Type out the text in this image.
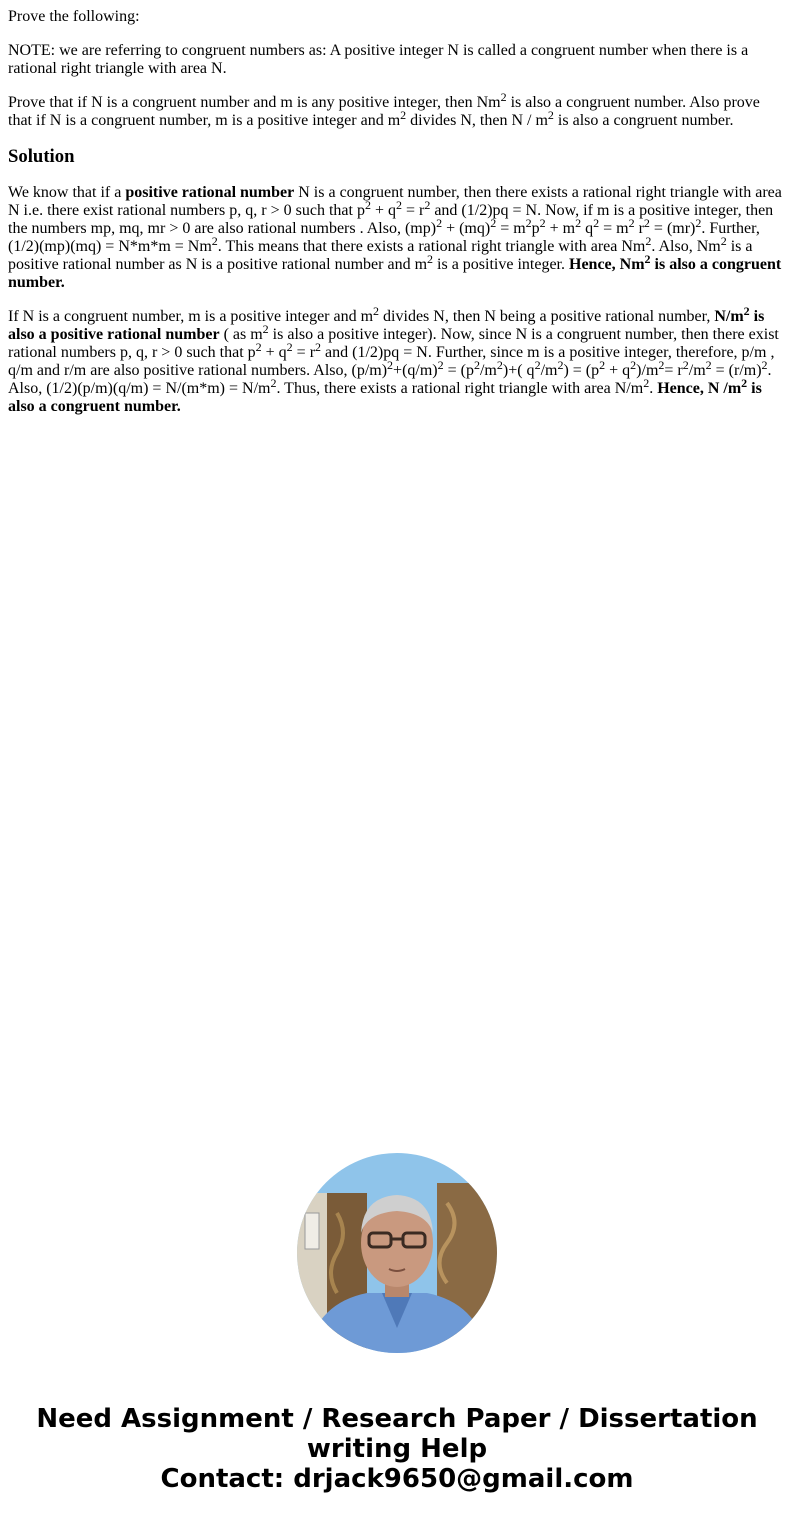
Prove the following:

NOTE: we are referring to congruent numbers as: A positive integer N is called a congruent number when there is a rational right triangle with area N.

Prove that if N is a congruent number and m is any positive integer, then Nm$^2$ is also a congruent number. Also prove that if N is a congruent number, m is a positive integer and $m^2$ divides N, then N / $m^2$ is also a congruent number.

Solution

We know that if a positive rational number N is a congruent number, then there exists a rational right triangle with area N i.e. there exist rational numbers p, q, r > 0 such that $p^2 + q^2 = r^2$ and (1/2)pq = N. Now, if m is a positive integer, then the numbers mp, mq, mr > 0 are also rational numbers . Also, $(mp)^2 + (mq)^2 = m^2p^2 + m^2$ $q^2 = m^2$ $r^2 = (mr)^2$. Further, $(1/2)(mp)(mq) = N*m*m = Nm^2$. This means that there exists a rational right triangle with area Nm$^2$. Also, Nm$^2$ is a positive rational number as N is a positive rational number and $m^2$ is a positive integer. Hence, Nm$^2$ is also a congruent number.

If N is a congruent number, m is a positive integer and $m^2$ divides N, then N being a positive rational number, $N/m^2$ is also a positive rational number ( as $m^2$ is also a positive integer). Now, since N is a congruent number, then there exist rational numbers p, q, r > 0 such that $p^2 + q^2 = r^2$ and (1/2)pq = N. Further, since m is a positive integer, therefore, p/m , q/m and r/m are also positive rational numbers. Also, $(p/m)^2+(q/m)^2 = (p^2/m^2)+$( $q^2/m^2) = (p^2 + q^2)/m^2= r^2/m^2 = (r/m)^2$. Also, $(1/2)(p/m)(q/m) = N/(m*m) = N/m^2$. Thus, there exists a rational right triangle with area $N/m^2$. Hence, N $/m^2$ is also a congruent number.

Need Assignment / Research Paper / Dissertation
writing Help
Contact: drjack9650@gmail.com
